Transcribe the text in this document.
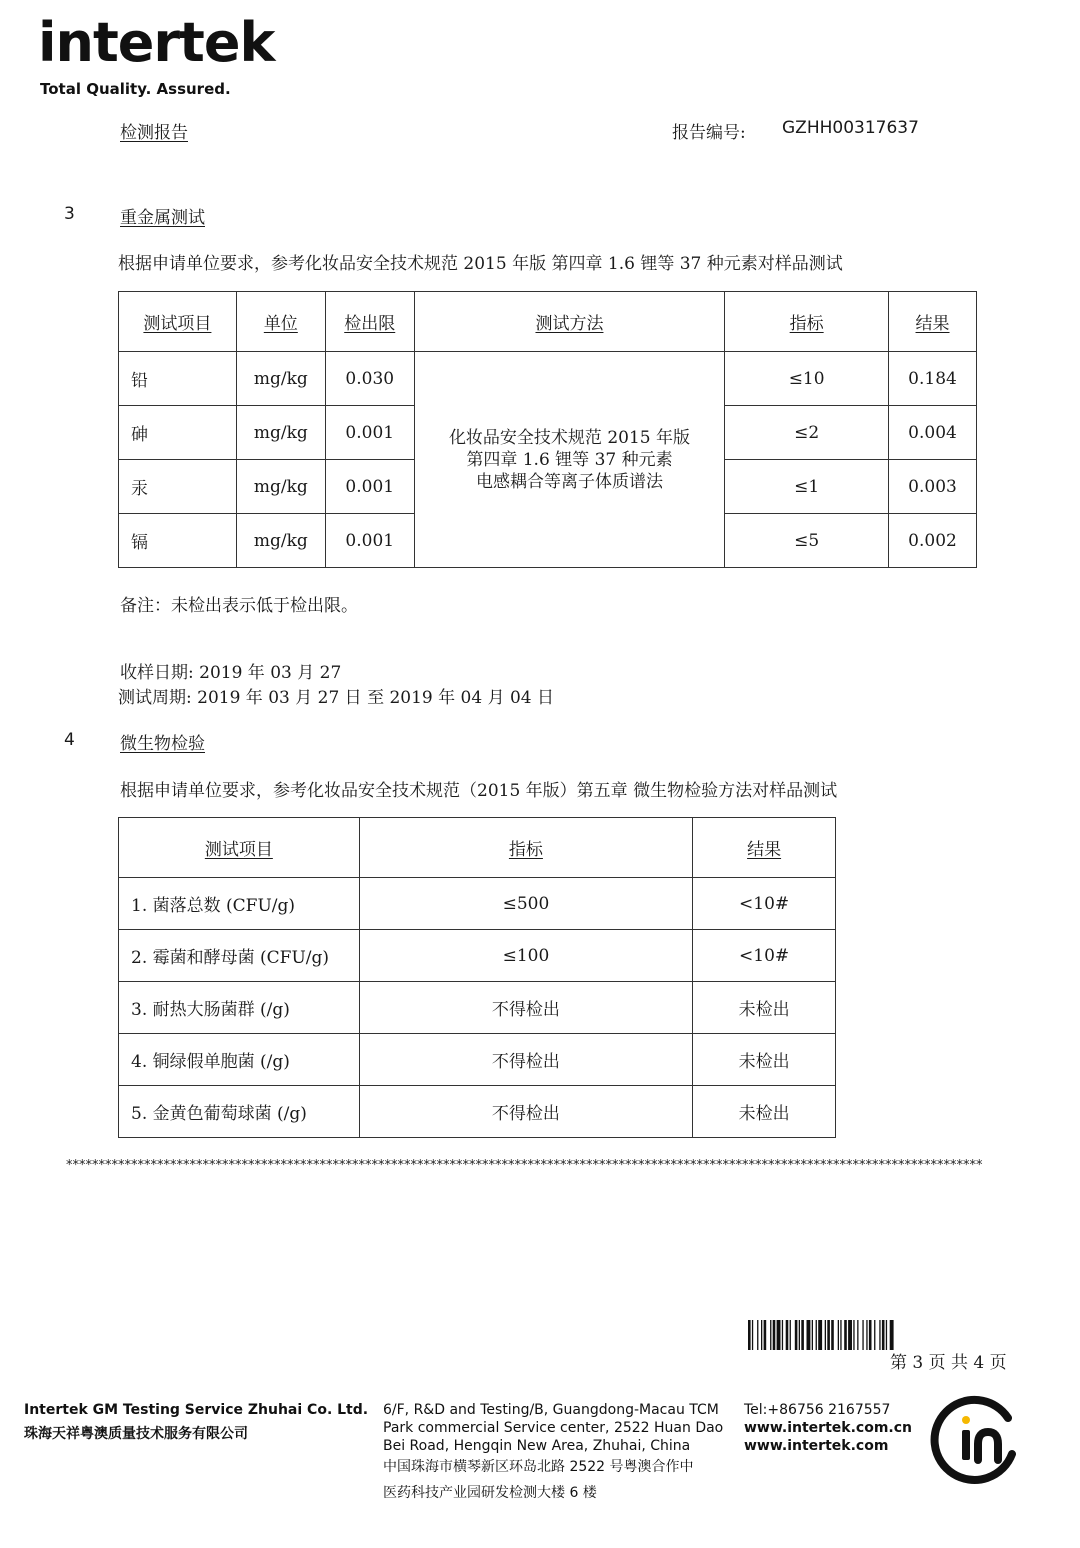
intertek
Total Quality. Assured.
检测报告	报告编号: GZHH00317637
3	重金属测试
根据申请单位要求，参考化妆品安全技术规范 2015 年版 第四章 1.6 锂等 37 种元素对样品测试
测试项目	单位	检出限	测试方法	指标	结果
铅	mg/kg	0.030	化妆品安全技术规范 2015 年版
第四章 1.6 锂等 37 种元素
电感耦合等离子体质谱法	≤10	0.184
砷	mg/kg	0.001		≤2	0.004
汞	mg/kg	0.001		≤1	0.003
镉	mg/kg	0.001		≤5	0.002
备注：未检出表示低于检出限。
收样日期: 2019 年 03 月 27
测试周期: 2019 年 03 月 27 日 至 2019 年 04 月 04 日
4	微生物检验
根据申请单位要求，参考化妆品安全技术规范（2015 年版）第五章 微生物检验方法对样品测试
测试项目	指标	结果
1. 菌落总数 (CFU/g)	≤500	<10#
2. 霉菌和酵母菌 (CFU/g)	≤100	<10#
3. 耐热大肠菌群 (/g)	不得检出	未检出
4. 铜绿假单胞菌 (/g)	不得检出	未检出
5. 金黄色葡萄球菌 (/g)	不得检出	未检出
*********************************************************************************************************************************************
第 3 页 共 4 页
Intertek GM Testing Service Zhuhai Co. Ltd.
珠海天祥粤澳质量技术服务有限公司
6/F, R&D and Testing/B, Guangdong-Macau TCM
Park commercial Service center, 2522 Huan Dao
Bei Road, Hengqin New Area, Zhuhai, China
中国珠海市横琴新区环岛北路 2522 号粤澳合作中
医药科技产业园研发检测大楼 6 楼
Tel:+86756 2167557
www.intertek.com.cn
www.intertek.com
